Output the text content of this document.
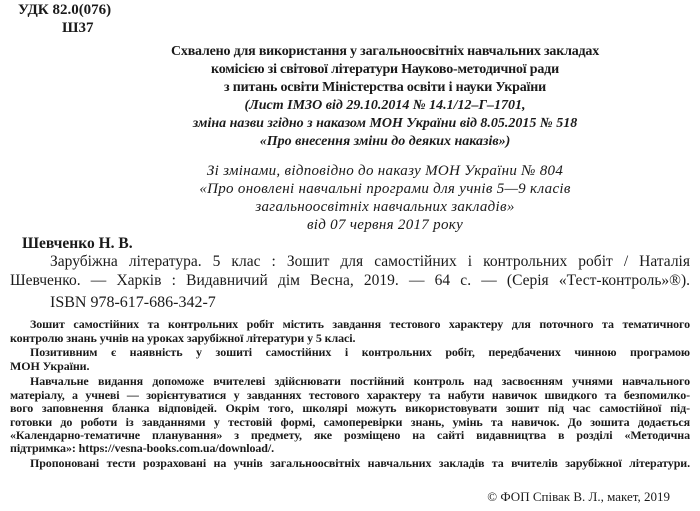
УДК 82.0(076)
Ш37
Схвалено для використання у загальноосвітніх навчальних закладах
комісією зі світової літератури Науково-методичної ради
з питань освіти Міністерства освіти і науки України
(Лист ІМЗО від 29.10.2014 № 14.1/12–Г–1701,
зміна назви згідно з наказом МОН України від 8.05.2015 № 518
«Про внесення зміни до деяких наказів»)
Зі змінами, відповідно до наказу МОН України № 804
«Про оновлені навчальні програми для учнів 5—9 класів
загальноосвітніх навчальних закладів»
від 07 червня 2017 року
Шевченко Н. В.
Зарубіжна література. 5 клас : Зошит для самостійних і контрольних робіт / Наталія
Шевченко. — Харків : Видавничий дім Весна, 2019. — 64 с. — (Серія «Тест-контроль»®).
ISBN 978-617-686-342-7
Зошит самостійних та контрольних робіт містить завдання тестового характеру для поточного та тематичного
контролю знань учнів на уроках зарубіжної літератури у 5 класі.
Позитивним є наявність у зошиті самостійних і контрольних робіт, передбачених чинною програмою
МОН України.
Навчальне видання допоможе вчителеві здійснювати постійний контроль над засвоєнням учнями навчального
матеріалу, а учневі — зорієнтуватися у завданнях тестового характеру та набути навичок швидкого та безпомилко-
вого заповнення бланка відповідей. Окрім того, школярі можуть використовувати зошит під час самостійної під-
готовки до роботи із завданнями у тестовій формі, самоперевірки знань, умінь та навичок. До зошита додається
«Календарно-тематичне планування» з предмету, яке розміщено на сайті видавництва в розділі «Методична
підтримка»: https://vesna-books.com.ua/download/.
Пропоновані тести розраховані на учнів загальноосвітніх навчальних закладів та вчителів зарубіжної літератури.
© ФОП Співак В. Л., макет, 2019
